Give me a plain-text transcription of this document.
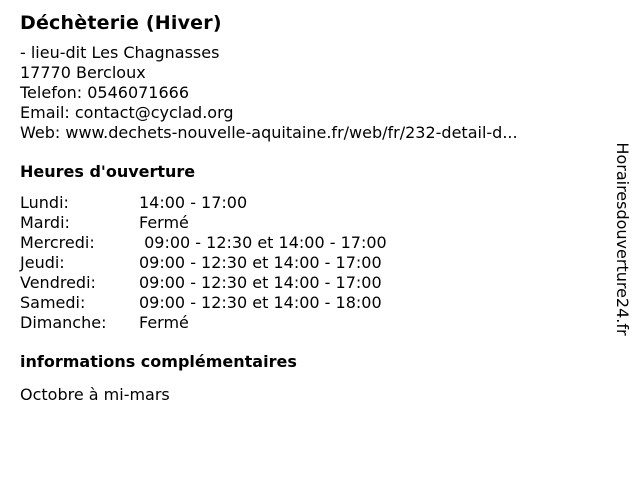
Déchèterie (Hiver)
- lieu-dit Les Chagnasses
17770 Bercloux
Telefon: 0546071666
Email: contact@cyclad.org
Web: www.dechets-nouvelle-aquitaine.fr/web/fr/232-detail-d...
Heures d'ouverture
Lundi:	14:00 - 17:00
Mardi:	Fermé
Mercredi:	09:00 - 12:30 et 14:00 - 17:00
Jeudi:	09:00 - 12:30 et 14:00 - 17:00
Vendredi:	09:00 - 12:30 et 14:00 - 17:00
Samedi:	09:00 - 12:30 et 14:00 - 18:00
Dimanche:	Fermé
informations complémentaires
Octobre à mi-mars
Horairesdouverture24.fr
